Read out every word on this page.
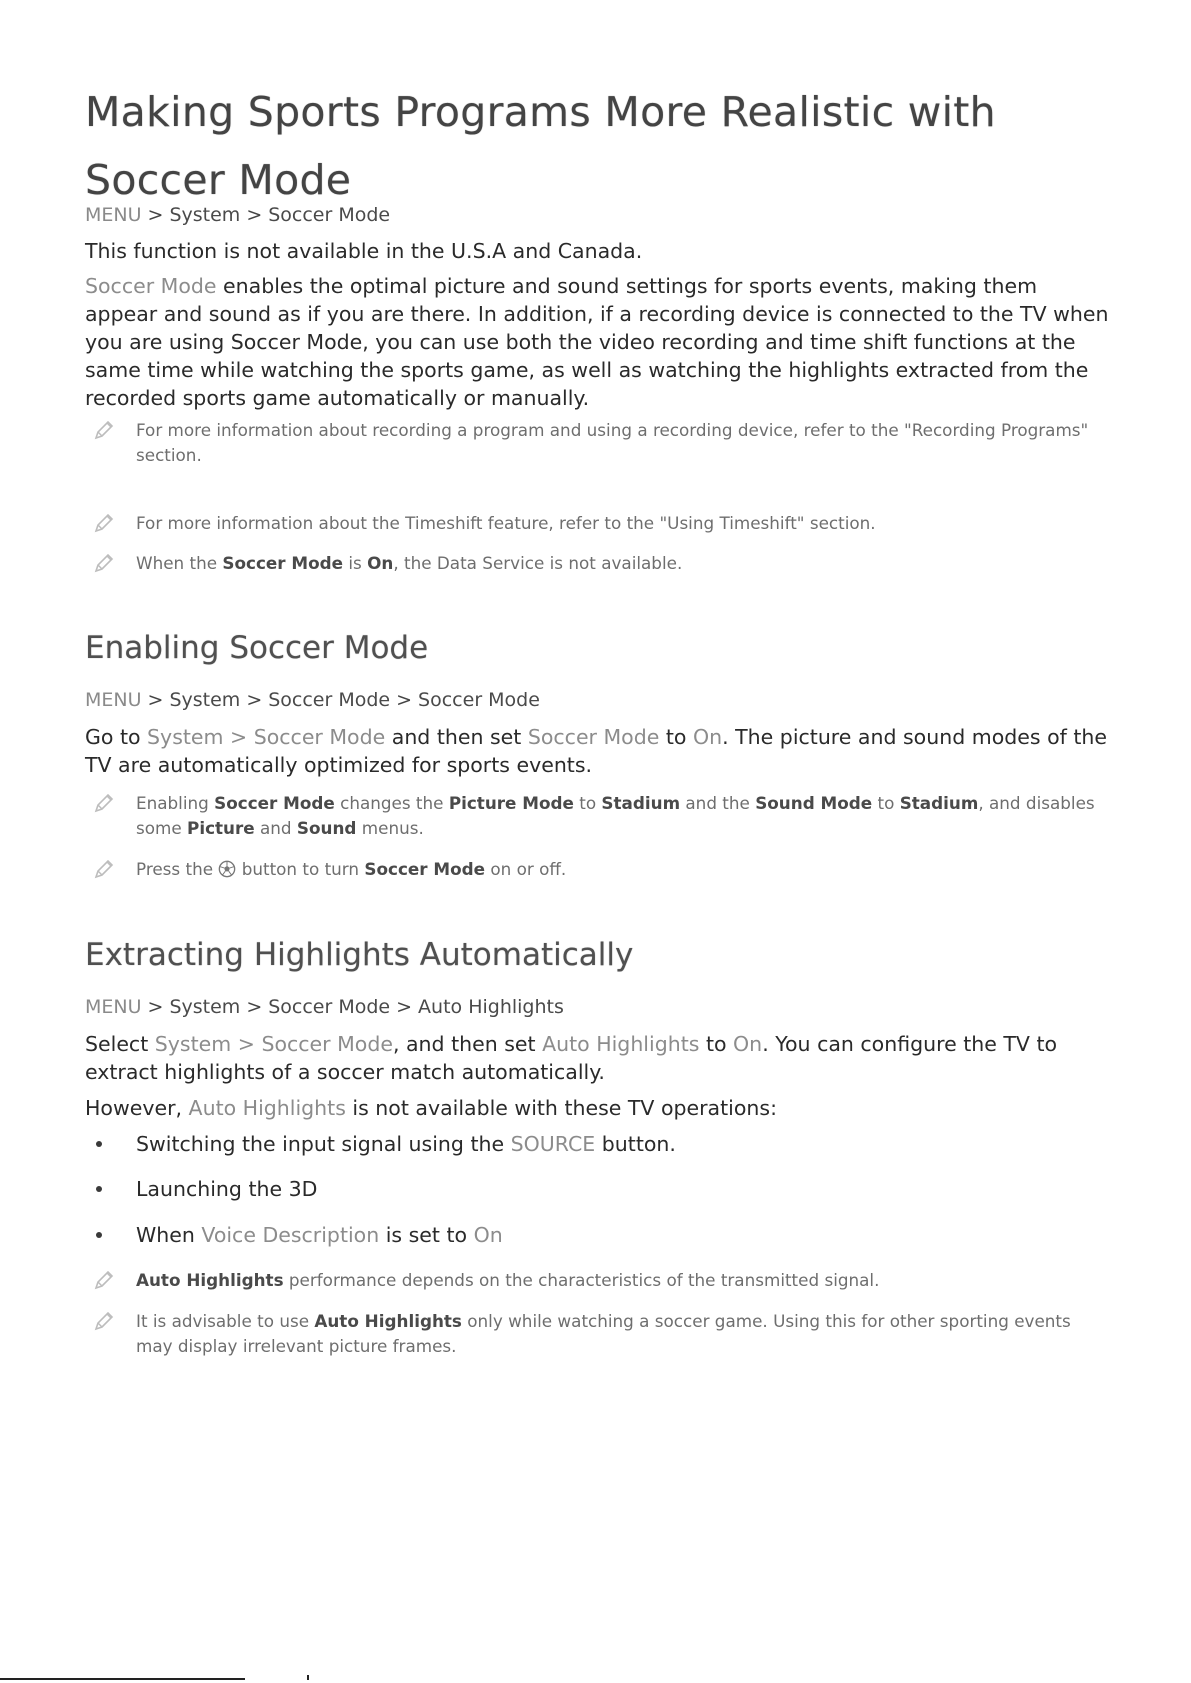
Making Sports Programs More Realistic with Soccer Mode

MENU > System > Soccer Mode

This function is not available in the U.S.A and Canada.

Soccer Mode enables the optimal picture and sound settings for sports events, making them appear and sound as if you are there. In addition, if a recording device is connected to the TV when you are using Soccer Mode, you can use both the video recording and time shift functions at the same time while watching the sports game, as well as watching the highlights extracted from the recorded sports game automatically or manually.

For more information about recording a program and using a recording device, refer to the "Recording Programs" section.
For more information about the Timeshift feature, refer to the "Using Timeshift" section.
When the Soccer Mode is On, the Data Service is not available.
Enabling Soccer Mode

MENU > System > Soccer Mode > Soccer Mode

Go to System > Soccer Mode and then set Soccer Mode to On. The picture and sound modes of the TV are automatically optimized for sports events.

Enabling Soccer Mode changes the Picture Mode to Stadium and the Sound Mode to Stadium, and disables some Picture and Sound menus.
Press the  button to turn Soccer Mode on or off.
Extracting Highlights Automatically

MENU > System > Soccer Mode > Auto Highlights

Select System > Soccer Mode, and then set Auto Highlights to On. You can configure the TV to extract highlights of a soccer match automatically.

However, Auto Highlights is not available with these TV operations:

Switching the input signal using the SOURCE button.
Launching the 3D
When Voice Description is set to On
Auto Highlights performance depends on the characteristics of the transmitted signal.
It is advisable to use Auto Highlights only while watching a soccer game. Using this for other sporting events may display irrelevant picture frames.
